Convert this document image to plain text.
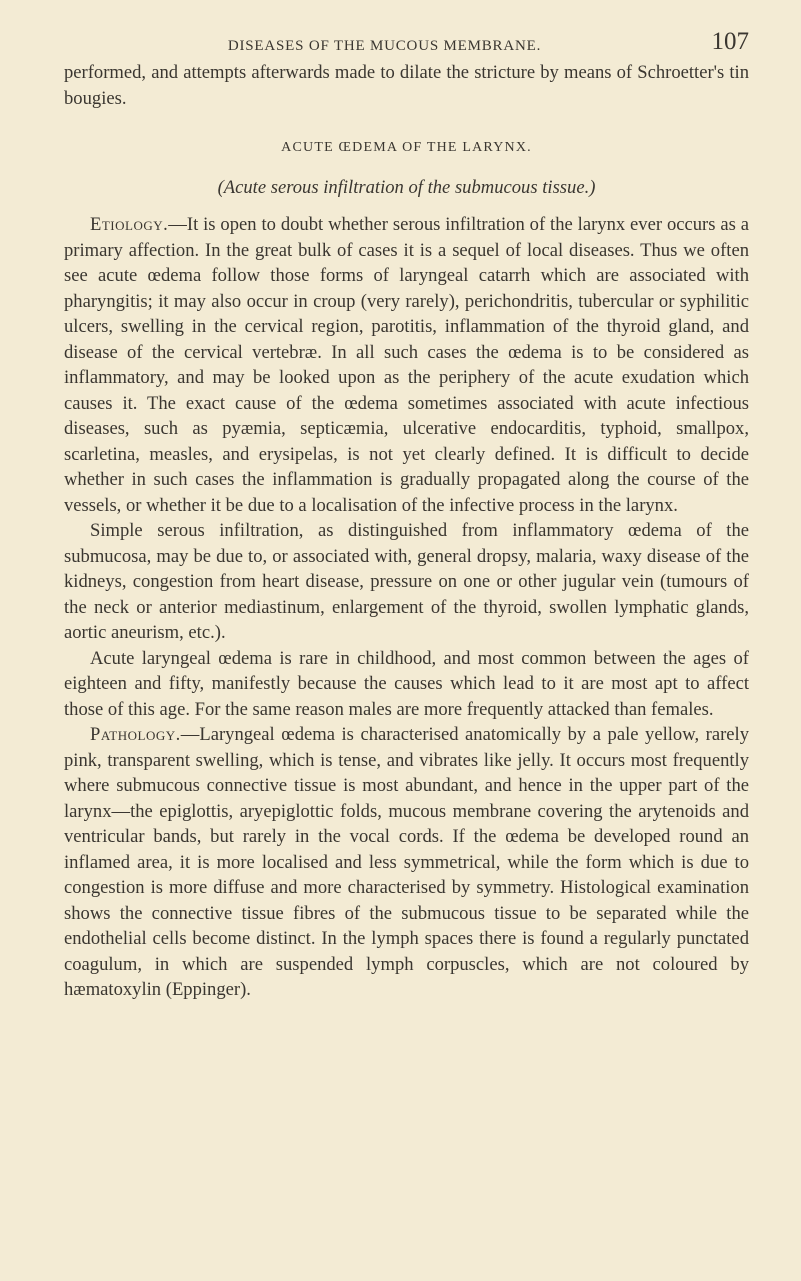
DISEASES OF THE MUCOUS MEMBRANE.	107

performed, and attempts afterwards made to dilate the stricture by means of Schroetter's tin bougies.

ACUTE ŒDEMA OF THE LARYNX.
(Acute serous infiltration of the submucous tissue.)

Etiology.—It is open to doubt whether serous infiltration of the larynx ever occurs as a primary affection. In the great bulk of cases it is a sequel of local diseases. Thus we often see acute œdema follow those forms of laryngeal catarrh which are associated with pharyngitis; it may also occur in croup (very rarely), perichondritis, tubercular or syphilitic ulcers, swelling in the cervical region, parotitis, inflammation of the thyroid gland, and disease of the cervical vertebræ. In all such cases the œdema is to be considered as inflammatory, and may be looked upon as the periphery of the acute exudation which causes it. The exact cause of the œdema sometimes associated with acute infectious diseases, such as pyæmia, septicæmia, ulcerative endocarditis, typhoid, smallpox, scarletina, measles, and erysipelas, is not yet clearly defined. It is difficult to decide whether in such cases the inflammation is gradually propagated along the course of the vessels, or whether it be due to a localisation of the infective process in the larynx.

Simple serous infiltration, as distinguished from inflammatory œdema of the submucosa, may be due to, or associated with, general dropsy, malaria, waxy disease of the kidneys, congestion from heart disease, pressure on one or other jugular vein (tumours of the neck or anterior mediastinum, enlargement of the thyroid, swollen lymphatic glands, aortic aneurism, etc.).

Acute laryngeal œdema is rare in childhood, and most common between the ages of eighteen and fifty, manifestly because the causes which lead to it are most apt to affect those of this age. For the same reason males are more frequently attacked than females.

Pathology.—Laryngeal œdema is characterised anatomically by a pale yellow, rarely pink, transparent swelling, which is tense, and vibrates like jelly. It occurs most frequently where submucous connective tissue is most abundant, and hence in the upper part of the larynx—the epiglottis, aryepiglottic folds, mucous membrane covering the arytenoids and ventricular bands, but rarely in the vocal cords. If the œdema be developed round an inflamed area, it is more localised and less symmetrical, while the form which is due to congestion is more diffuse and more characterised by symmetry. Histological examination shows the connective tissue fibres of the submucous tissue to be separated while the endothelial cells become distinct. In the lymph spaces there is found a regularly punctated coagulum, in which are suspended lymph corpuscles, which are not coloured by hæmatoxylin (Eppinger).
